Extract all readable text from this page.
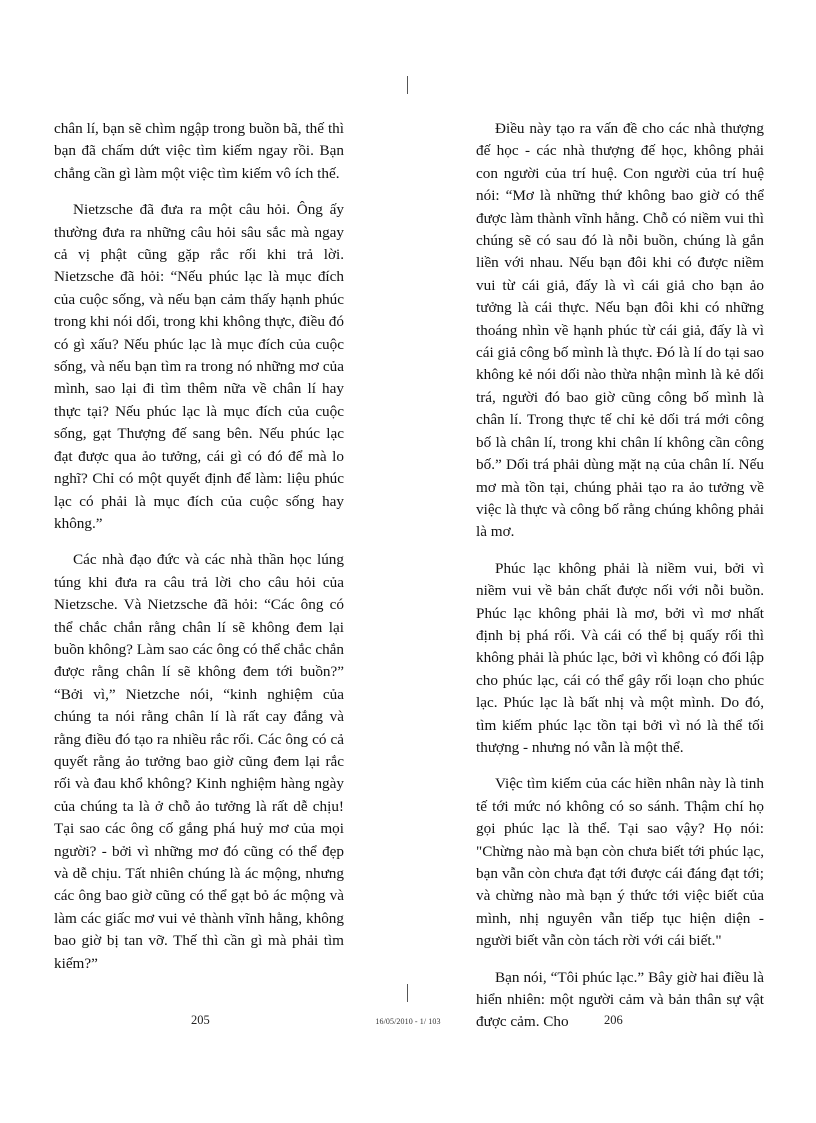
chân lí, bạn sẽ chìm ngập trong buồn bã, thế thì bạn đã chấm dứt việc tìm kiếm ngay rồi. Bạn chẳng cần gì làm một việc tìm kiếm vô ích thế.

Nietzsche đã đưa ra một câu hỏi. Ông ấy thường đưa ra những câu hỏi sâu sắc mà ngay cả vị phật cũng gặp rắc rối khi trả lời. Nietzsche đã hỏi: “Nếu phúc lạc là mục đích của cuộc sống, và nếu bạn cảm thấy hạnh phúc trong khi nói dối, trong khi không thực, điều đó có gì xấu? Nếu phúc lạc là mục đích của cuộc sống, và nếu bạn tìm ra trong nó những mơ của mình, sao lại đi tìm thêm nữa về chân lí hay thực tại? Nếu phúc lạc là mục đích của cuộc sống, gạt Thượng đế sang bên. Nếu phúc lạc đạt được qua ảo tưởng, cái gì có đó để mà lo nghĩ? Chỉ có một quyết định để làm: liệu phúc lạc có phải là mục đích của cuộc sống hay không.”

Các nhà đạo đức và các nhà thần học lúng túng khi đưa ra câu trả lời cho câu hỏi của Nietzsche. Và Nietzsche đã hỏi: “Các ông có thể chắc chắn rằng chân lí sẽ không đem lại buồn không? Làm sao các ông có thể chắc chắn được rằng chân lí sẽ không đem tới buồn?” “Bởi vì,” Nietzche nói, “kinh nghiệm của chúng ta nói rằng chân lí là rất cay đắng và rằng điều đó tạo ra nhiều rắc rối. Các ông có cả quyết rằng ảo tưởng bao giờ cũng đem lại rắc rối và đau khổ không? Kinh nghiệm hàng ngày của chúng ta là ở chỗ ảo tưởng là rất dễ chịu! Tại sao các ông cố gắng phá huỷ mơ của mọi người? - bởi vì những mơ đó cũng có thể đẹp và dễ chịu. Tất nhiên chúng là ác mộng, nhưng các ông bao giờ cũng có thể gạt bỏ ác mộng và làm các giấc mơ vui vẻ thành vĩnh hằng, không bao giờ bị tan vỡ. Thế thì cần gì mà phải tìm kiếm?”

Điều này tạo ra vấn đề cho các nhà thượng đế học - các nhà thượng đế học, không phải con người của trí huệ. Con người của trí huệ nói: “Mơ là những thứ không bao giờ có thể được làm thành vĩnh hằng. Chỗ có niềm vui thì chúng sẽ có sau đó là nỗi buồn, chúng là gắn liền với nhau. Nếu bạn đôi khi có được niềm vui từ cái giả, đấy là vì cái giả cho bạn ảo tưởng là cái thực. Nếu bạn đôi khi có những thoáng nhìn về hạnh phúc từ cái giả, đấy là vì cái giả công bố mình là thực. Đó là lí do tại sao không kẻ nói dối nào thừa nhận mình là kẻ dối trá, người đó bao giờ cũng công bố mình là chân lí. Trong thực tế chỉ kẻ dối trá mới công bố là chân lí, trong khi chân lí không cần công bố.” Dối trá phải dùng mặt nạ của chân lí. Nếu mơ mà tồn tại, chúng phải tạo ra ảo tưởng về việc là thực và công bố rằng chúng không phải là mơ.

Phúc lạc không phải là niềm vui, bởi vì niềm vui về bản chất được nối với nỗi buồn. Phúc lạc không phải là mơ, bởi vì mơ nhất định bị phá rối. Và cái có thể bị quấy rối thì không phải là phúc lạc, bởi vì không có đối lập cho phúc lạc, cái có thể gây rối loạn cho phúc lạc. Phúc lạc là bất nhị và một mình. Do đó, tìm kiếm phúc lạc tồn tại bởi vì nó là thể tối thượng - nhưng nó vẫn là một thể.

Việc tìm kiếm của các hiền nhân này là tinh tế tới mức nó không có so sánh. Thậm chí họ gọi phúc lạc là thể. Tại sao vậy? Họ nói: "Chừng nào mà bạn còn chưa biết tới phúc lạc, bạn vẫn còn chưa đạt tới được cái đáng đạt tới; và chừng nào mà bạn ý thức tới việc biết của mình, nhị nguyên vẫn tiếp tục hiện diện - người biết vẫn còn tách rời với cái biết."

Bạn nói, “Tôi phúc lạc.” Bây giờ hai điều là hiển nhiên: một người cảm và bản thân sự vật được cảm. Cho

205	16/05/2010 - 1/ 103	206
